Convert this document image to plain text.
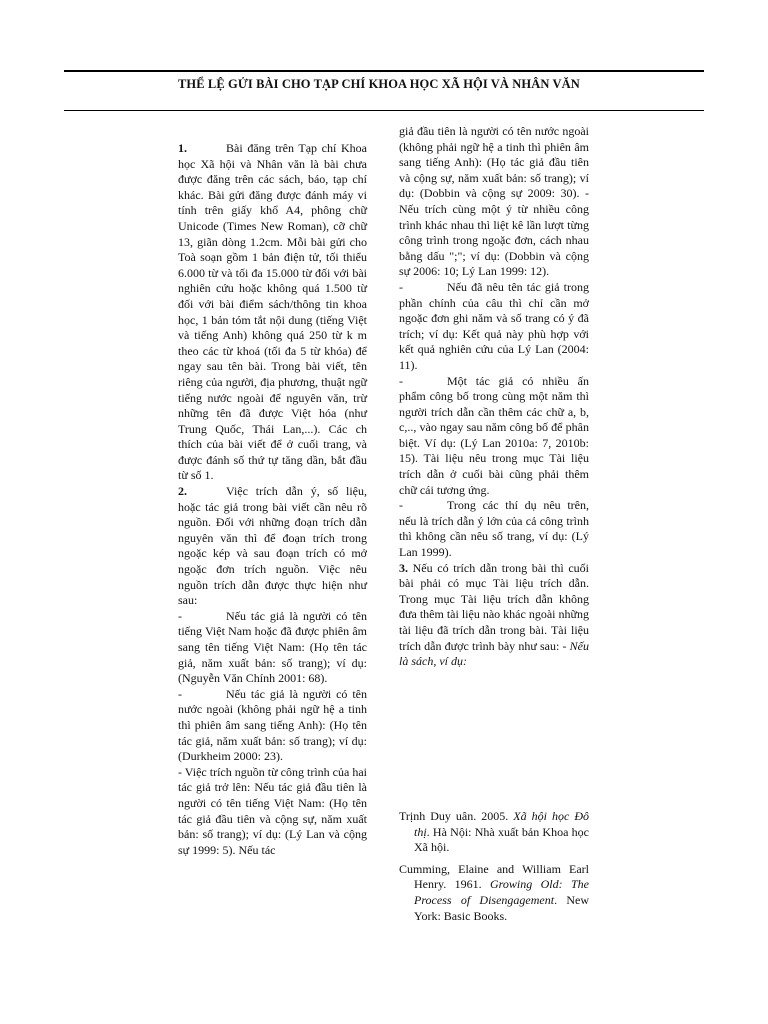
THỂ LỆ GỬI BÀI CHO TẠP CHÍ KHOA HỌC XÃ HỘI VÀ NHÂN VĂN

1.	Bài đăng trên Tạp chí Khoa học Xã hội và Nhân văn là bài chưa được đăng trên các sách, báo, tạp chí khác. Bài gửi đăng được đánh máy vi tính trên giấy khổ A4, phông chữ Unicode (Times New Roman), cỡ chữ 13, giãn dòng 1.2cm. Mỗi bài gửi cho Toà soạn gồm 1 bản điện tử, tối thiểu 6.000 từ và tối đa 15.000 từ đối với bài nghiên cứu hoặc không quá 1.500 từ đối với bài điểm sách/thông tin khoa học, 1 bản tóm tắt nội dung (tiếng Việt và tiếng Anh) không quá 250 từ k m theo các từ khoá (tối đa 5 từ khóa) để ngay sau tên bài. Trong bài viết, tên riêng của người, địa phương, thuật ngữ tiếng nước ngoài để nguyên văn, trừ những tên đã được Việt hóa (như Trung Quốc, Thái Lan,...). Các ch thích của bài viết để ở cuối trang, và được đánh số thứ tự tăng dần, bắt đầu từ số 1.

2.	Việc trích dẫn ý, số liệu, hoặc tác giả trong bài viết cần nêu rõ nguồn. Đối với những đoạn trích dẫn nguyên văn thì để đoạn trích trong ngoặc kép và sau đoạn trích có mở ngoặc đơn trích nguồn. Việc nêu nguồn trích dẫn được thực hiện như sau:

-	Nếu tác giả là người có tên tiếng Việt Nam hoặc đã được phiên âm sang tên tiếng Việt Nam: (Họ tên tác giả, năm xuất bản: số trang); ví dụ: (Nguyễn Văn Chính 2001: 68).

-	Nếu tác giả là người có tên nước ngoài (không phải ngữ hệ a tinh thì phiên âm sang tiếng Anh): (Họ tên tác giả, năm xuất bản: số trang); ví dụ: (Durkheim 2000: 23).

- Việc trích nguồn từ công trình của hai tác giả trở lên: Nếu tác giả đầu tiên là người có tên tiếng Việt Nam: (Họ tên tác giả đầu tiên và cộng sự, năm xuất bản: số trang); ví dụ: (Lý Lan và cộng sự 1999: 5). Nếu tác

giả đầu tiên là người có tên nước ngoài (không phải ngữ hệ a tinh thì phiên âm sang tiếng Anh): (Họ tác giả đầu tiên và cộng sự, năm xuất bản: số trang); ví dụ: (Dobbin và cộng sự 2009: 30). - Nếu trích cùng một ý từ nhiều công trình khác nhau thì liệt kê lần lượt từng công trình trong ngoặc đơn, cách nhau bằng dấu ";"; ví dụ: (Dobbin và cộng sự 2006: 10; Lý Lan 1999: 12).

-	Nếu đã nêu tên tác giả trong phần chính của câu thì chỉ cần mở ngoặc đơn ghi năm và số trang có ý đã trích; ví dụ: Kết quả này phù hợp với kết quả nghiên cứu của Lý Lan (2004: 11).

-	Một tác giả có nhiều ấn phẩm công bố trong cùng một năm thì người trích dẫn cần thêm các chữ a, b, c,.., vào ngay sau năm công bố để phân biệt. Ví dụ: (Lý Lan 2010a: 7, 2010b: 15). Tài liệu nêu trong mục Tài liệu trích dẫn ở cuối bài cũng phải thêm chữ cái tương ứng.

-	Trong các thí dụ nêu trên, nếu là trích dẫn ý lớn của cả công trình thì không cần nêu số trang, ví dụ: (Lý Lan 1999).

3. Nếu có trích dẫn trong bài thì cuối bài phải có mục Tài liệu trích dẫn. Trong mục Tài liệu trích dẫn không đưa thêm tài liệu nào khác ngoài những tài liệu đã trích dẫn trong bài. Tài liệu trích dẫn được trình bày như sau: - Nếu là sách, ví dụ:

Trịnh Duy uân. 2005. Xã hội học Đô thị. Hà Nội: Nhà xuất bản Khoa học Xã hội.

Cumming, Elaine and William Earl Henry. 1961. Growing Old: The Process of Disengagement. New York: Basic Books.
